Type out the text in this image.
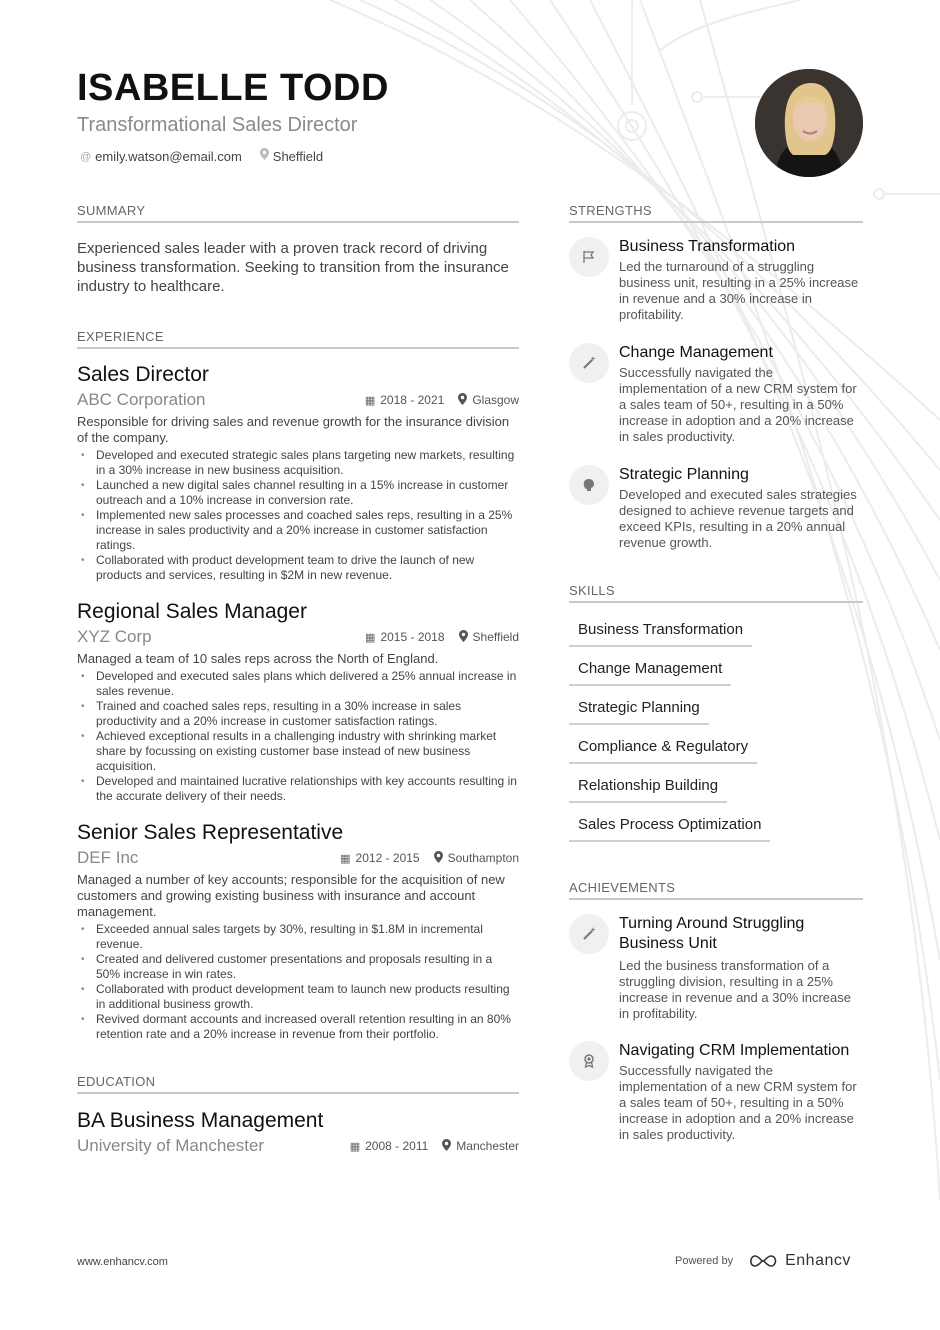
ISABELLE TODD
Transformational Sales Director
@ emily.watson@email.com Sheffield
SUMMARY
Experienced sales leader with a proven track record of driving business transformation. Seeking to transition from the insurance industry to healthcare.
EXPERIENCE
Sales Director
ABC Corporation	▦ 2018 - 2021 Glasgow
Responsible for driving sales and revenue growth for the insurance division of the company.
• Developed and executed strategic sales plans targeting new markets, resulting in a 30% increase in new business acquisition.
• Launched a new digital sales channel resulting in a 15% increase in customer outreach and a 10% increase in conversion rate.
• Implemented new sales processes and coached sales reps, resulting in a 25% increase in sales productivity and a 20% increase in customer satisfaction ratings.
• Collaborated with product development team to drive the launch of new products and services, resulting in $2M in new revenue.
Regional Sales Manager
XYZ Corp	▦ 2015 - 2018 Sheffield
Managed a team of 10 sales reps across the North of England.
• Developed and executed sales plans which delivered a 25% annual increase in sales revenue.
• Trained and coached sales reps, resulting in a 30% increase in sales productivity and a 20% increase in customer satisfaction ratings.
• Achieved exceptional results in a challenging industry with shrinking market share by focussing on existing customer base instead of new business acquisition.
• Developed and maintained lucrative relationships with key accounts resulting in the accurate delivery of their needs.
Senior Sales Representative
DEF Inc	▦ 2012 - 2015 Southampton
Managed a number of key accounts; responsible for the acquisition of new customers and growing existing business with insurance and account management.
• Exceeded annual sales targets by 30%, resulting in $1.8M in incremental revenue.
• Created and delivered customer presentations and proposals resulting in a 50% increase in win rates.
• Collaborated with product development team to launch new products resulting in additional business growth.
• Revived dormant accounts and increased overall retention resulting in an 80% retention rate and a 20% increase in revenue from their portfolio.
EDUCATION
BA Business Management
University of Manchester	▦ 2008 - 2011 Manchester
STRENGTHS
Business Transformation
Led the turnaround of a struggling business unit, resulting in a 25% increase in revenue and a 30% increase in profitability.
Change Management
Successfully navigated the implementation of a new CRM system for a sales team of 50+, resulting in a 50% increase in adoption and a 20% increase in sales productivity.
Strategic Planning
Developed and executed sales strategies designed to achieve revenue targets and exceed KPIs, resulting in a 20% annual revenue growth.
SKILLS
Business Transformation
Change Management
Strategic Planning
Compliance & Regulatory
Relationship Building
Sales Process Optimization
ACHIEVEMENTS
Turning Around Struggling Business Unit
Led the business transformation of a struggling division, resulting in a 25% increase in revenue and a 30% increase in profitability.
Navigating CRM Implementation
Successfully navigated the implementation of a new CRM system for a sales team of 50+, resulting in a 50% increase in adoption and a 20% increase in sales productivity.
www.enhancv.com	Powered by	Enhancv
